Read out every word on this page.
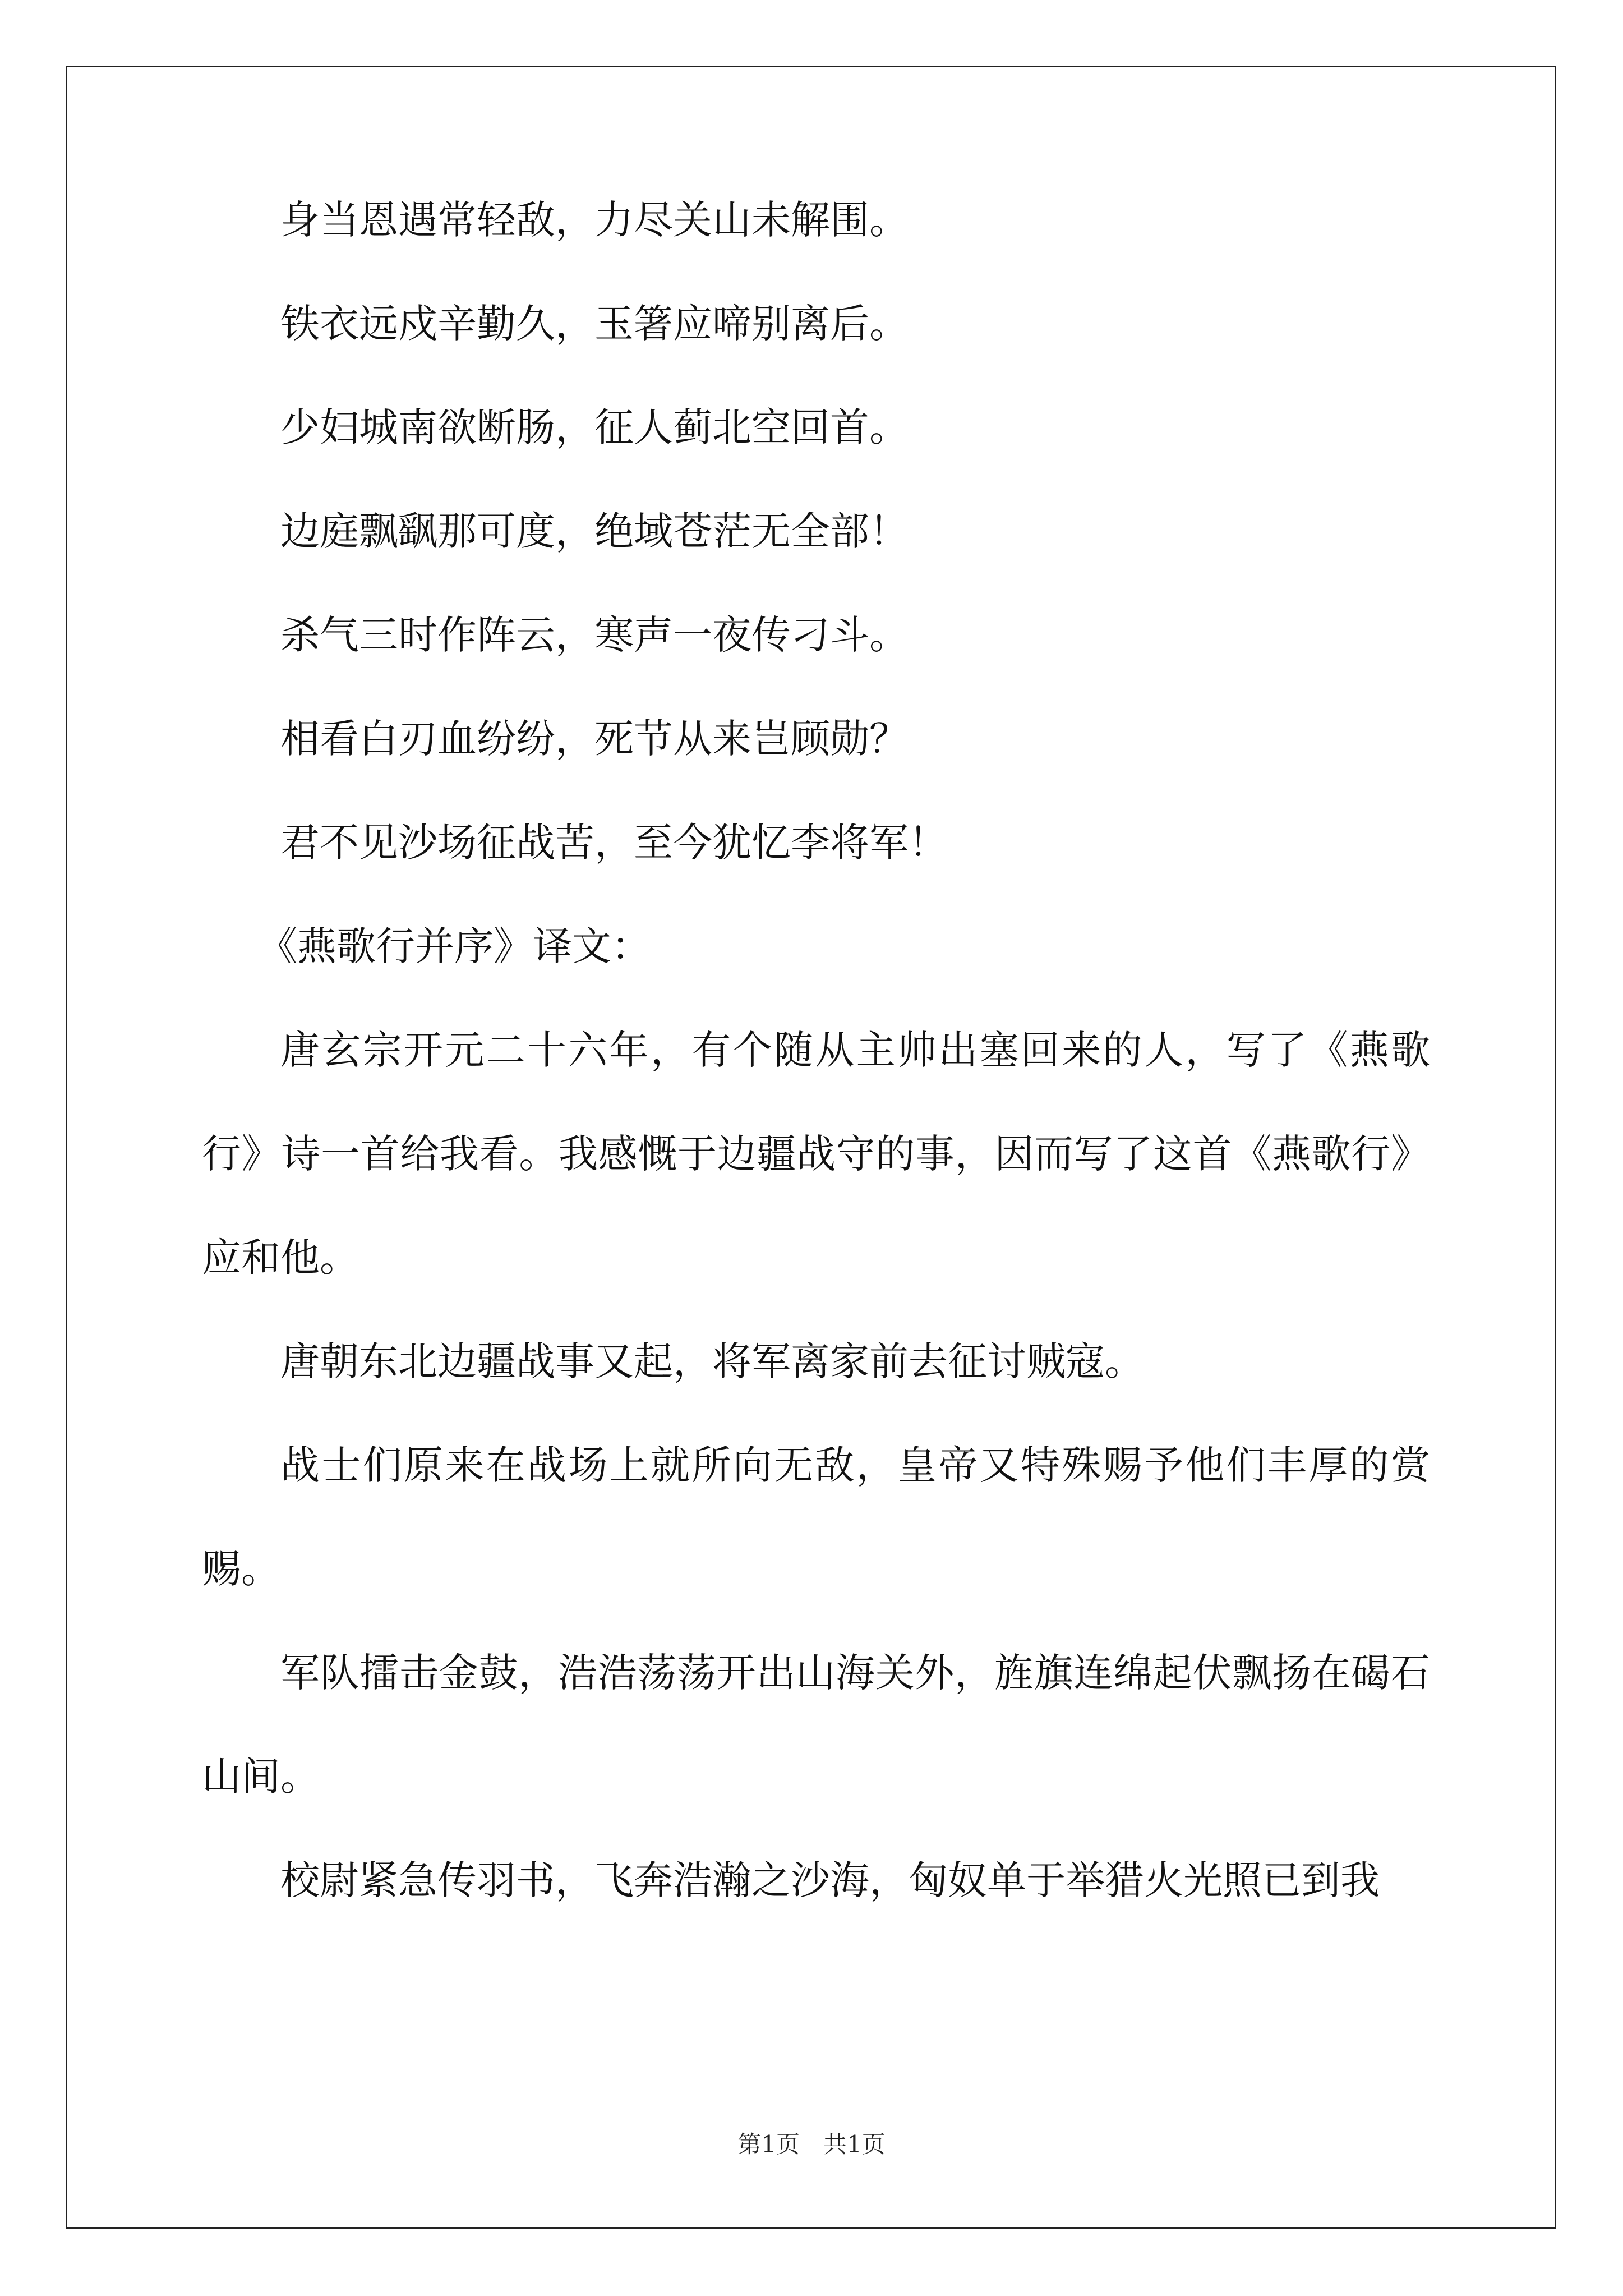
身当恩遇常轻敌，力尽关山未解围。

铁衣远戍辛勤久，玉箸应啼别离后。

少妇城南欲断肠，征人蓟北空回首。

边庭飘飖那可度，绝域苍茫无全部！

杀气三时作阵云，寒声一夜传刁斗。

相看白刃血纷纷，死节从来岂顾勋？

君不见沙场征战苦，至今犹忆李将军！

《燕歌行并序》译文：

唐玄宗开元二十六年，有个随从主帅出塞回来的人，写了《燕歌行》诗一首给我看。我感慨于边疆战守的事，因而写了这首《燕歌行》应和他。

唐朝东北边疆战事又起，将军离家前去征讨贼寇。

战士们原来在战场上就所向无敌，皇帝又特殊赐予他们丰厚的赏赐。

军队擂击金鼓，浩浩荡荡开出山海关外，旌旗连绵起伏飘扬在碣石山间。

校尉紧急传羽书，飞奔浩瀚之沙海，匈奴单于举猎火光照已到我

第1页　共1页
